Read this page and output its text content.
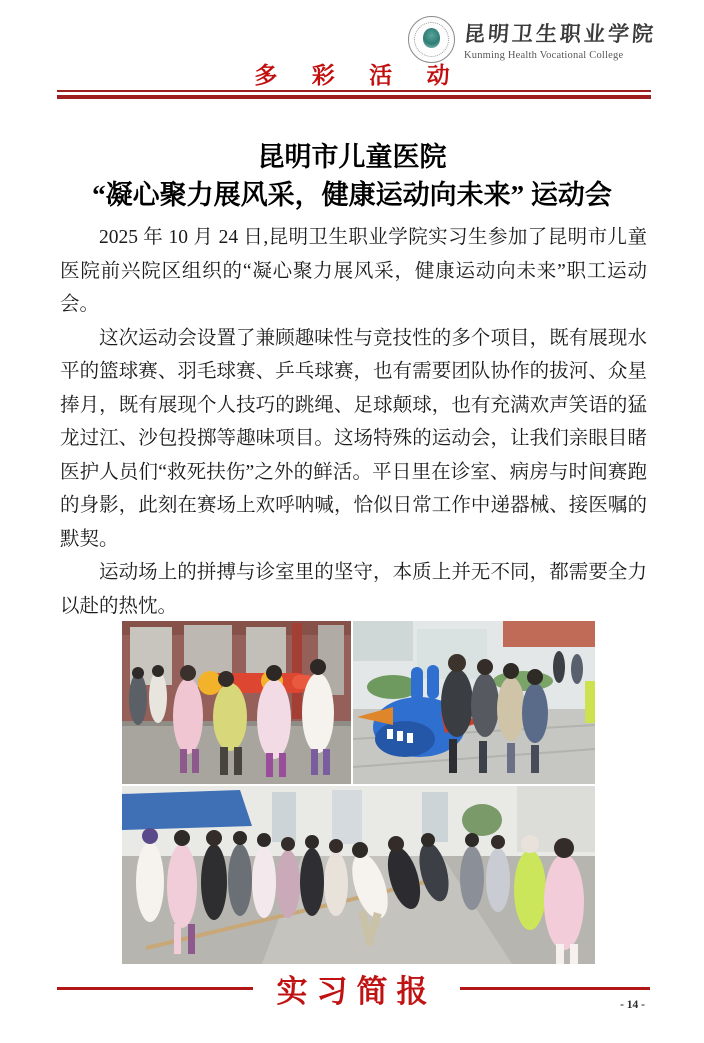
昆明卫生职业学院
Kunming Health Vocational College
多 彩 活 动
昆明市儿童医院
“凝心聚力展风采，健康运动向未来” 运动会

2025 年 10 月 24 日,昆明卫生职业学院实习生参加了昆明市儿童医院前兴院区组织的“凝心聚力展风采，健康运动向未来”职工运动会。

这次运动会设置了兼顾趣味性与竞技性的多个项目，既有展现水平的篮球赛、羽毛球赛、乒乓球赛，也有需要团队协作的拔河、众星捧月，既有展现个人技巧的跳绳、足球颠球，也有充满欢声笑语的猛龙过江、沙包投掷等趣味项目。这场特殊的运动会，让我们亲眼目睹医护人员们“救死扶伤”之外的鲜活。平日里在诊室、病房与时间赛跑的身影，此刻在赛场上欢呼呐喊，恰似日常工作中递器械、接医嘱的默契。

运动场上的拼搏与诊室里的坚守，本质上并无不同，都需要全力以赴的热忱。

实习简报	- 14 -
